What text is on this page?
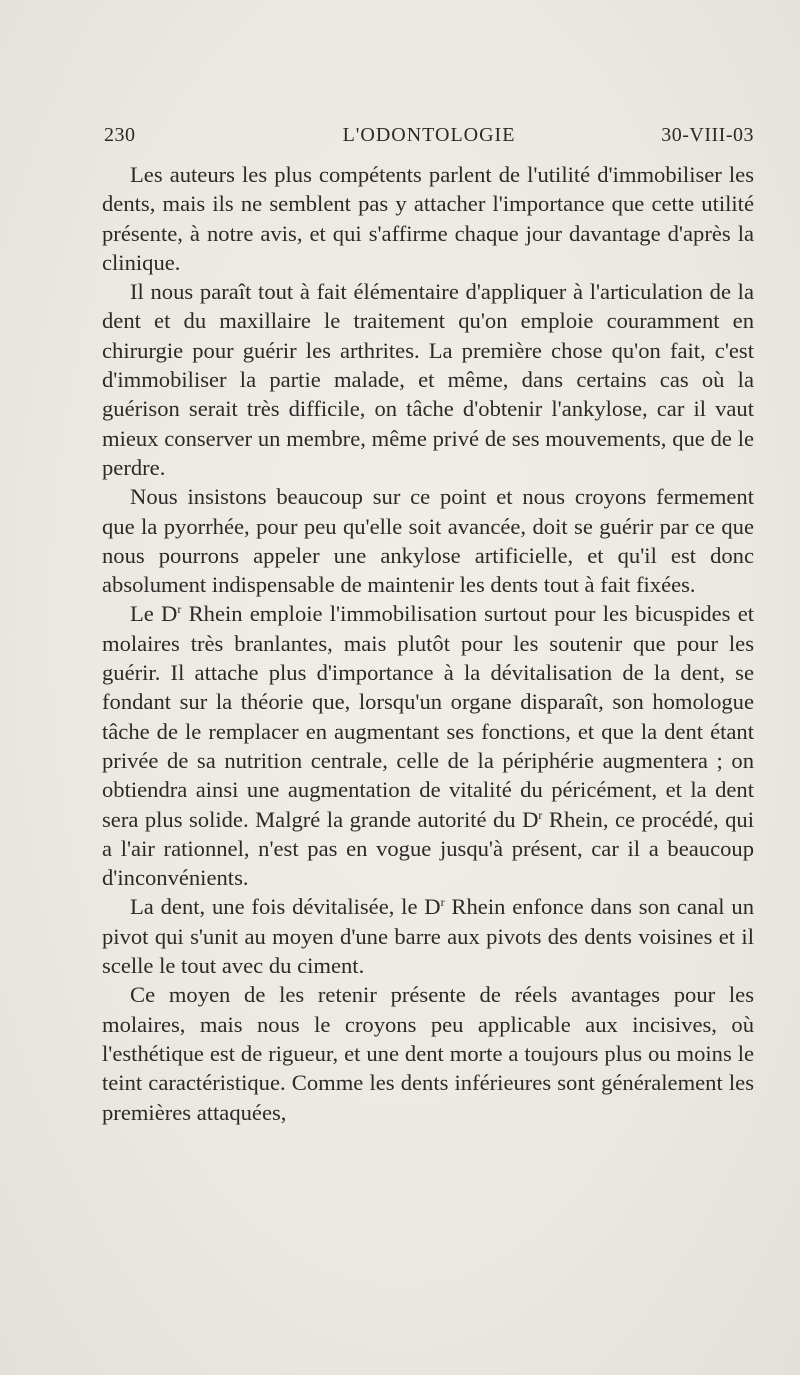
230	L'ODONTOLOGIE	30-VIII-03

Les auteurs les plus compétents parlent de l'utilité d'immobiliser les dents, mais ils ne semblent pas y attacher l'importance que cette utilité présente, à notre avis, et qui s'affirme chaque jour davantage d'après la clinique.

Il nous paraît tout à fait élémentaire d'appliquer à l'articulation de la dent et du maxillaire le traitement qu'on emploie couramment en chirurgie pour guérir les arthrites. La première chose qu'on fait, c'est d'immobiliser la partie malade, et même, dans certains cas où la guérison serait très difficile, on tâche d'obtenir l'ankylose, car il vaut mieux conserver un membre, même privé de ses mouvements, que de le perdre.

Nous insistons beaucoup sur ce point et nous croyons fermement que la pyorrhée, pour peu qu'elle soit avancée, doit se guérir par ce que nous pourrons appeler une ankylose artificielle, et qu'il est donc absolument indispensable de maintenir les dents tout à fait fixées.

Le $D^r$ Rhein emploie l'immobilisation surtout pour les bicuspides et molaires très branlantes, mais plutôt pour les soutenir que pour les guérir. Il attache plus d'importance à la dévitalisation de la dent, se fondant sur la théorie que, lorsqu'un organe disparaît, son homologue tâche de le remplacer en augmentant ses fonctions, et que la dent étant privée de sa nutrition centrale, celle de la périphérie augmentera ; on obtiendra ainsi une augmentation de vitalité du péricément, et la dent sera plus solide. Malgré la grande autorité du $D^r$ Rhein, ce procédé, qui a l'air rationnel, n'est pas en vogue jusqu'à présent, car il a beaucoup d'inconvénients.

La dent, une fois dévitalisée, le $D^r$ Rhein enfonce dans son canal un pivot qui s'unit au moyen d'une barre aux pivots des dents voisines et il scelle le tout avec du ciment.

Ce moyen de les retenir présente de réels avantages pour les molaires, mais nous le croyons peu applicable aux incisives, où l'esthétique est de rigueur, et une dent morte a toujours plus ou moins le teint caractéristique. Comme les dents inférieures sont généralement les premières attaquées,
